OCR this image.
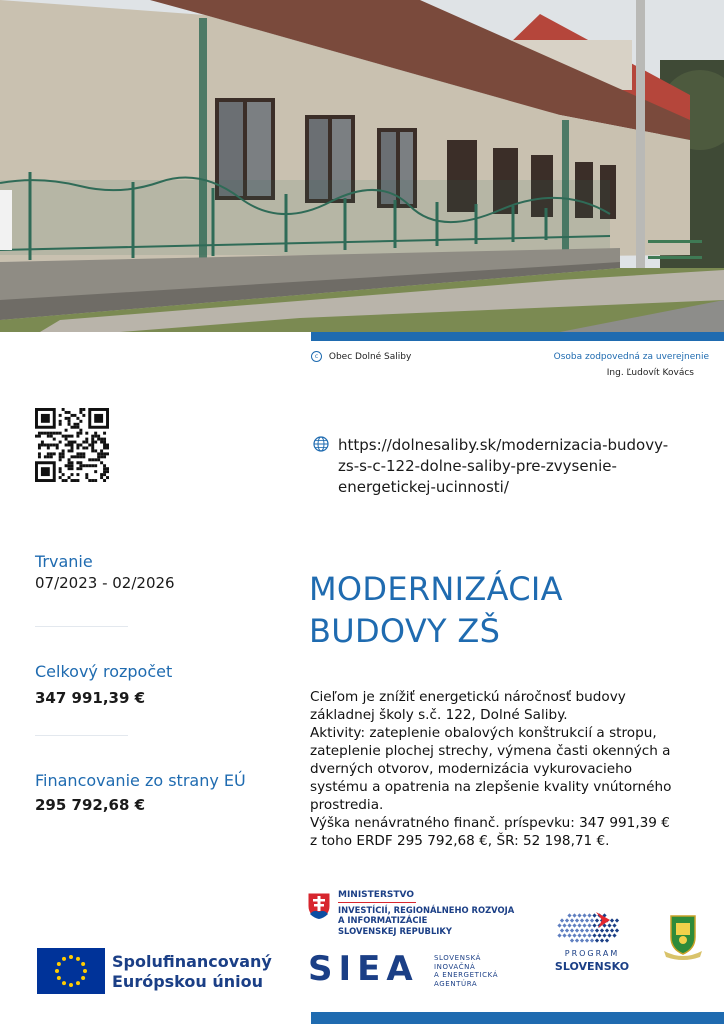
c Obec Dolné Saliby	Osoba zodpovedná za uverejnenie
Ing. Ľudovít Kovács
https://dolnesaliby.sk/modernizacia-budovy-
zs-s-c-122-dolne-saliby-pre-zvysenie-
energetickej-ucinnosti/
Trvanie
07/2023 - 02/2026
Celkový rozpočet
347 991,39 €
Financovanie zo strany EÚ
295 792,68 €
MODERNIZÁCIA
BUDOVY ZŠ
Cieľom je znížiť energetickú náročnosť budovy
základnej školy s.č. 122, Dolné Saliby.
Aktivity: zateplenie obalových konštrukcií a stropu,
zateplenie plochej strechy, výmena časti okenných a
dverných otvorov, modernizácia vykurovacieho
systému a opatrenia na zlepšenie kvality vnútorného
prostredia.
Výška nenávratného finanč. príspevku: 347 991,39 €
z toho ERDF 295 792,68 €, ŠR: 52 198,71 €.
Spolufinancovaný
Európskou úniou
MINISTERSTVO
INVESTÍCIÍ, REGIONÁLNEHO ROZVOJA
A INFORMATIZÁCIE
SLOVENSKEJ REPUBLIKY
SIEA SLOVENSKÁ
INOVAČNÁ
A ENERGETICKÁ
AGENTÚRA
PROGRAM
SLOVENSKO
